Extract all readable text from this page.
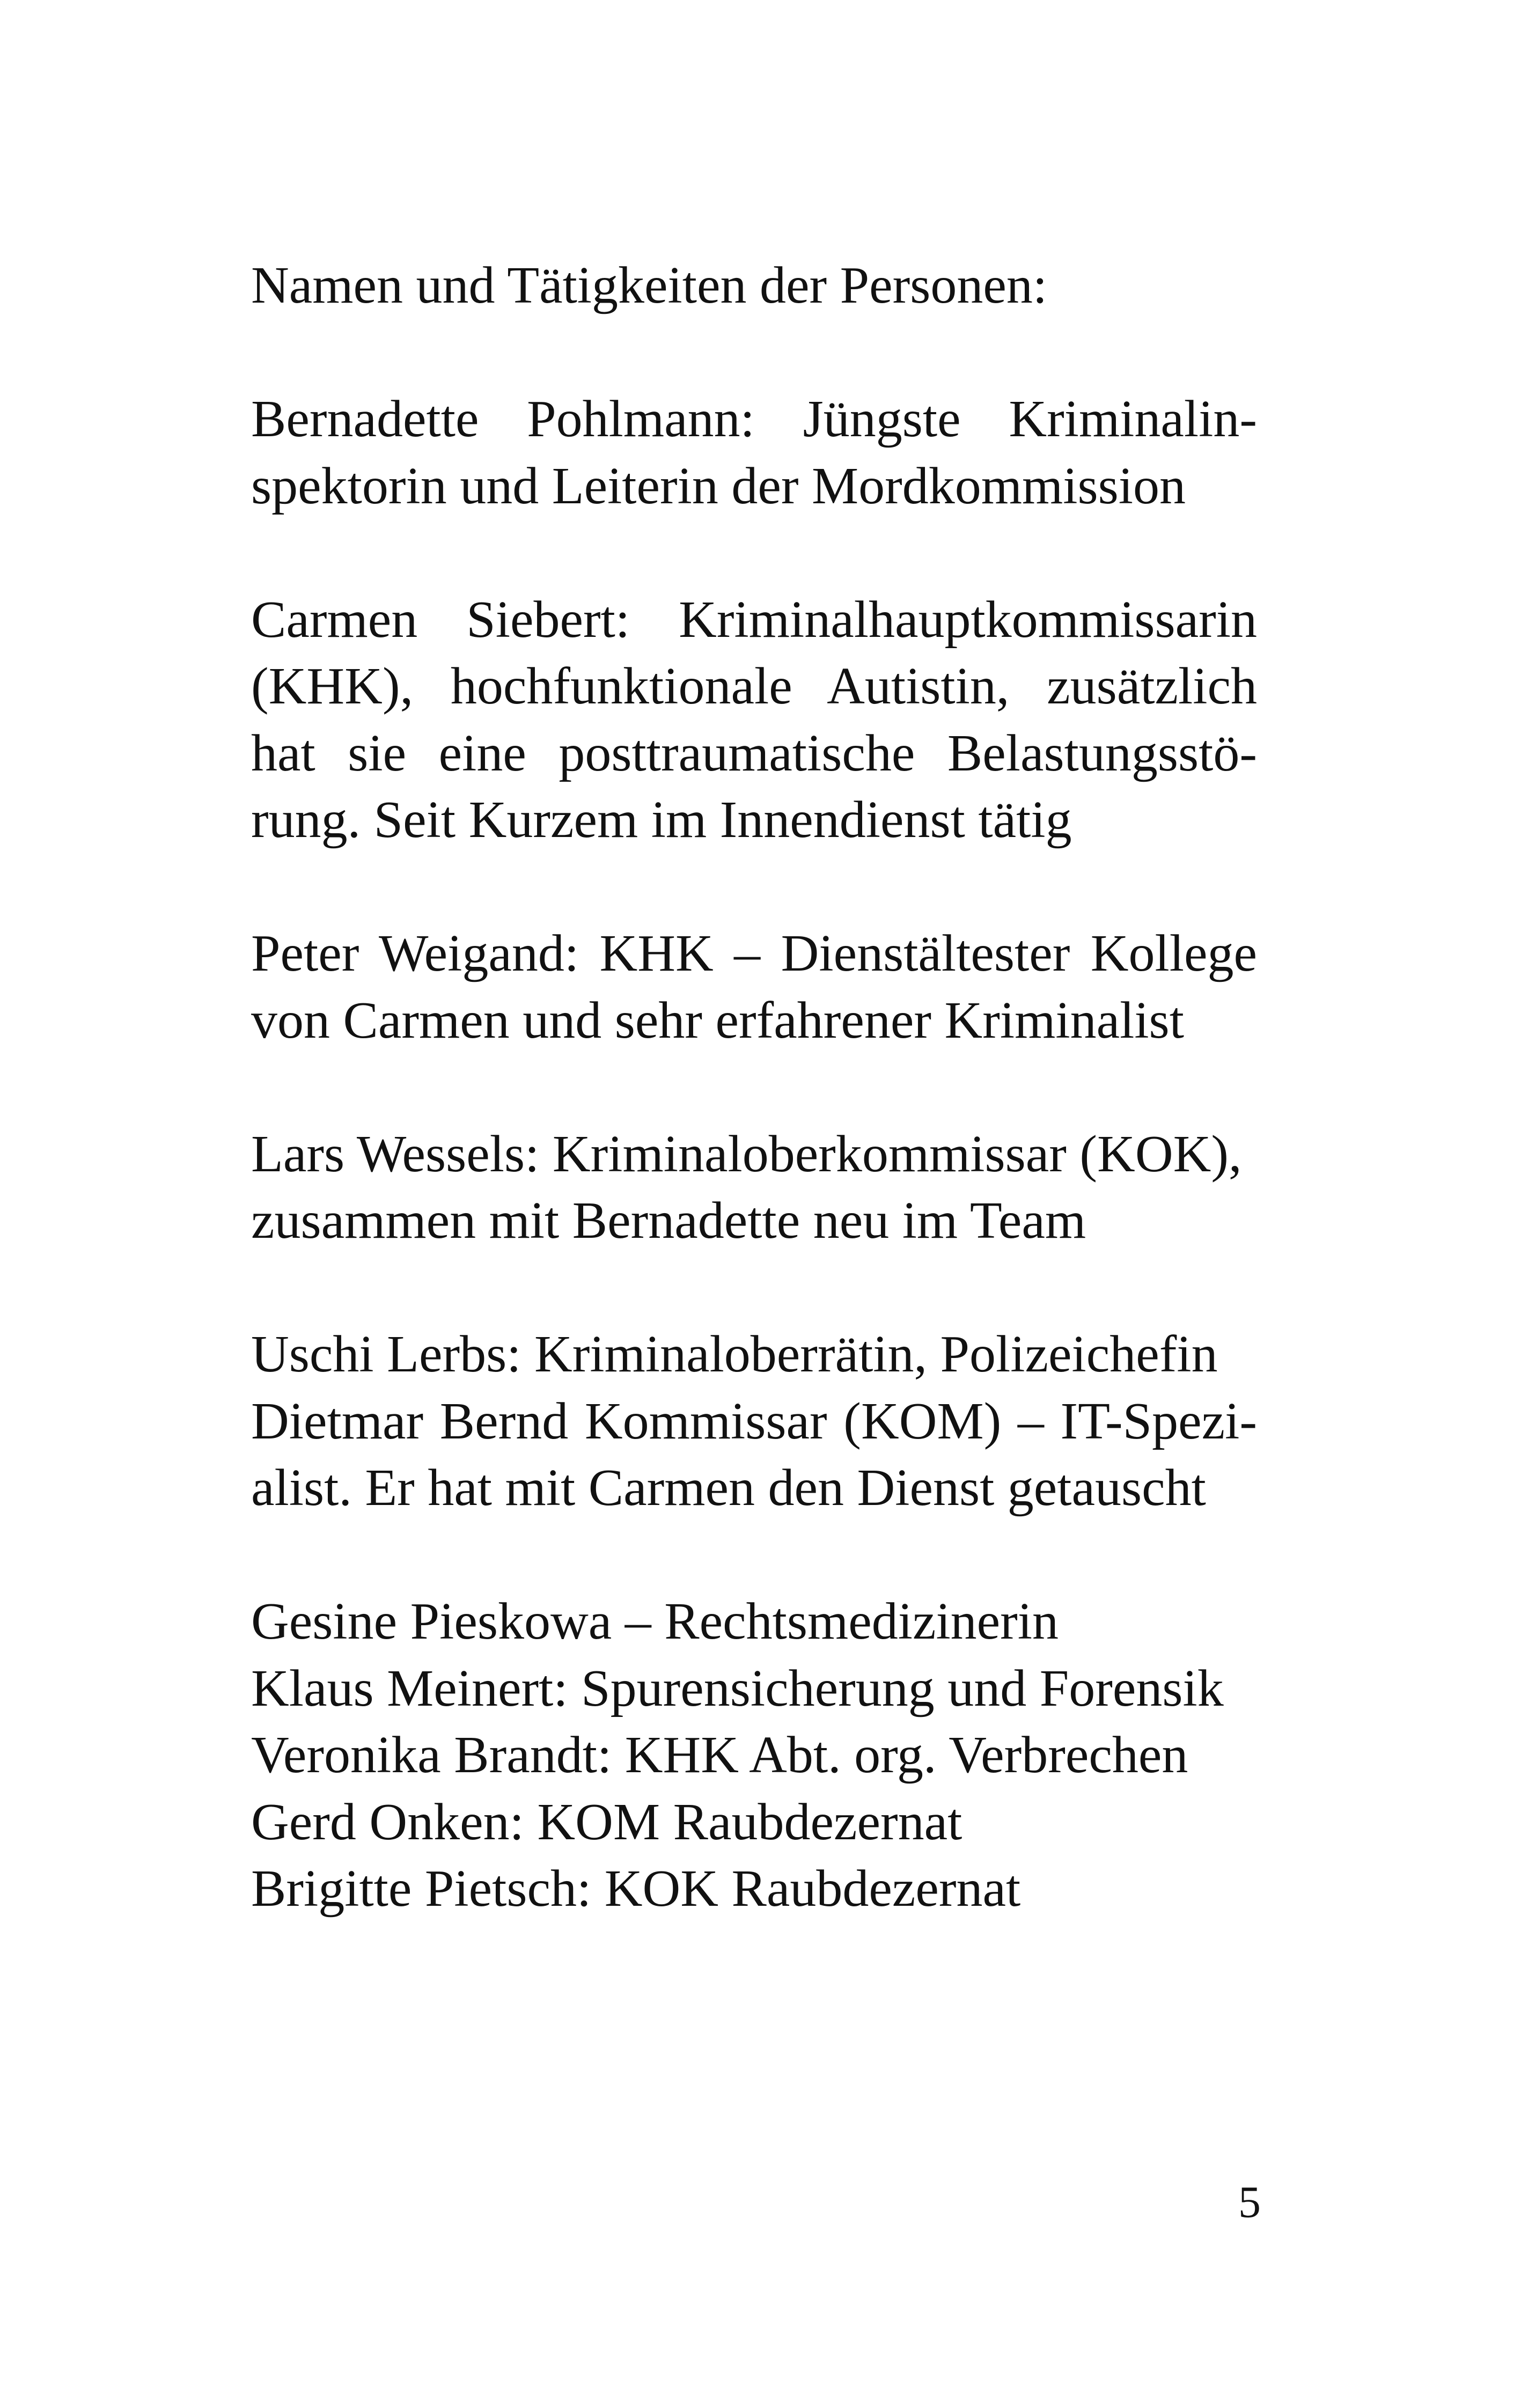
Namen und Tätigkeiten der Personen:

Bernadette Pohlmann: Jüngste Kriminalin-
spektorin und Leiterin der Mordkommission

Carmen Siebert: Kriminalhauptkommissarin
(KHK), hochfunktionale Autistin, zusätzlich
hat sie eine posttraumatische Belastungsstö-
rung. Seit Kurzem im Innendienst tätig

Peter Weigand: KHK – Dienstältester Kollege
von Carmen und sehr erfahrener Kriminalist

Lars Wessels: Kriminaloberkommissar (KOK),
zusammen mit Bernadette neu im Team

Uschi Lerbs: Kriminaloberrätin, Polizeichefin
Dietmar Bernd Kommissar (KOM) – IT-Spezi-
alist. Er hat mit Carmen den Dienst getauscht

Gesine Pieskowa – Rechtsmedizinerin
Klaus Meinert: Spurensicherung und Forensik
Veronika Brandt: KHK Abt. org. Verbrechen
Gerd Onken: KOM Raubdezernat
Brigitte Pietsch: KOK Raubdezernat

5
